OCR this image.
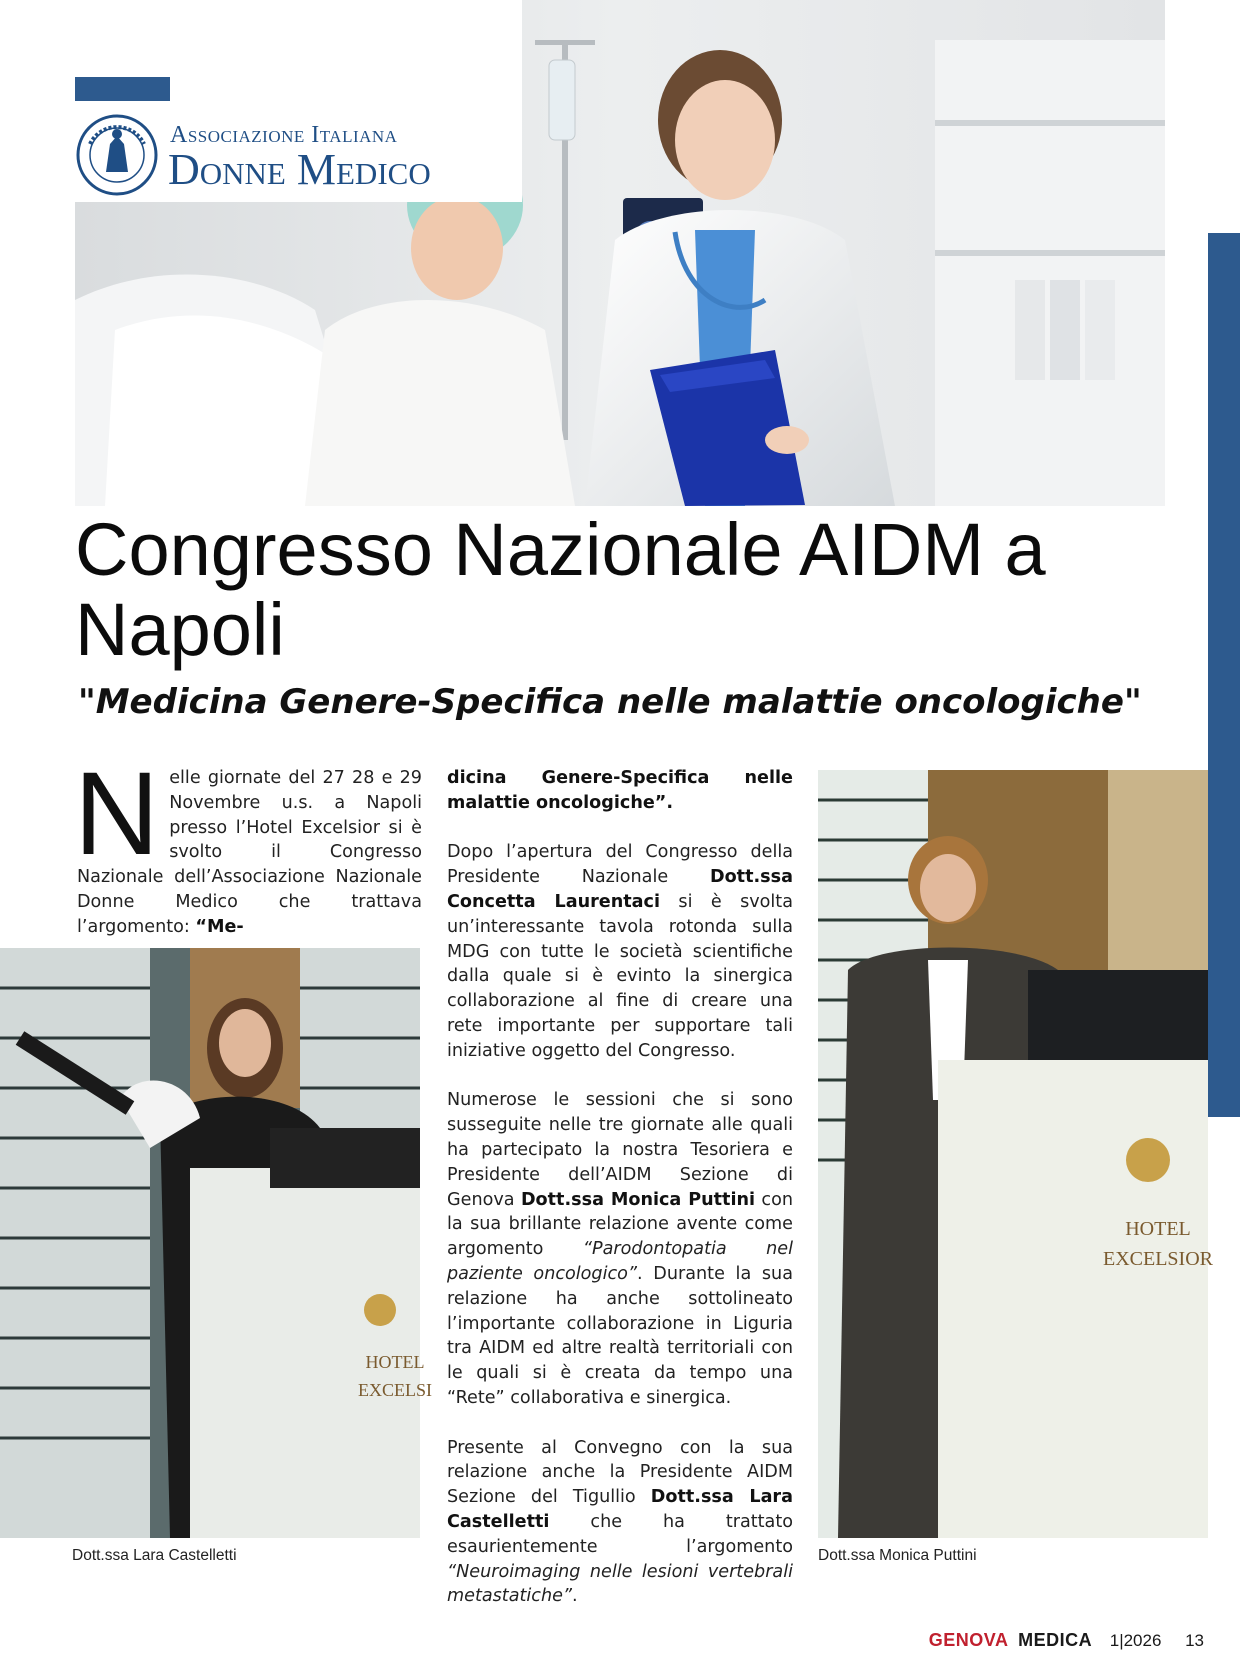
Associazione Italiana
Donne Medico
Congresso Nazionale AIDM a Napoli
"Medicina Genere-Specifica nelle malattie oncologiche"

N elle giornate del 27 28 e 29 Novembre u.s. a Napoli presso l’Hotel Excelsior si è svolto il Congresso Nazionale dell’Associazione Nazionale Donne Medico che trattava l’argomento: “Me-

dicina Genere-Specifica nelle malattie oncologiche”.

Dopo l’apertura del Congresso della Presidente Nazionale Dott.ssa Concetta Laurentaci si è svolta un’interessante tavola rotonda sulla MDG con tutte le società scientifiche dalla quale si è evinto la sinergica collaborazione al fine di creare una rete importante per supportare tali iniziative oggetto del Congresso.

Numerose le sessioni che si sono susseguite nelle tre giornate alle quali ha partecipato la nostra Tesoriera e Presidente dell’AIDM Sezione di Genova Dott.ssa Monica Puttini con la sua brillante relazione avente come argomento “Parodontopatia nel paziente oncologico”. Durante la sua relazione ha anche sottolineato l’importante collaborazione in Liguria tra AIDM ed altre realtà territoriali con le quali si è creata da tempo una “Rete” collaborativa e sinergica.

Presente al Convegno con la sua relazione anche la Presidente AIDM Sezione del Tigullio Dott.ssa Lara Castelletti che ha trattato esaurientemente l’argomento “Neuroimaging nelle lesioni vertebrali metastatiche”.

HOTEL
EXCELSI
Dott.ssa Lara Castelletti
HOTEL
EXCELSIOR
Dott.ssa Monica Puttini
GENOVA MEDICA 1|2026 13
